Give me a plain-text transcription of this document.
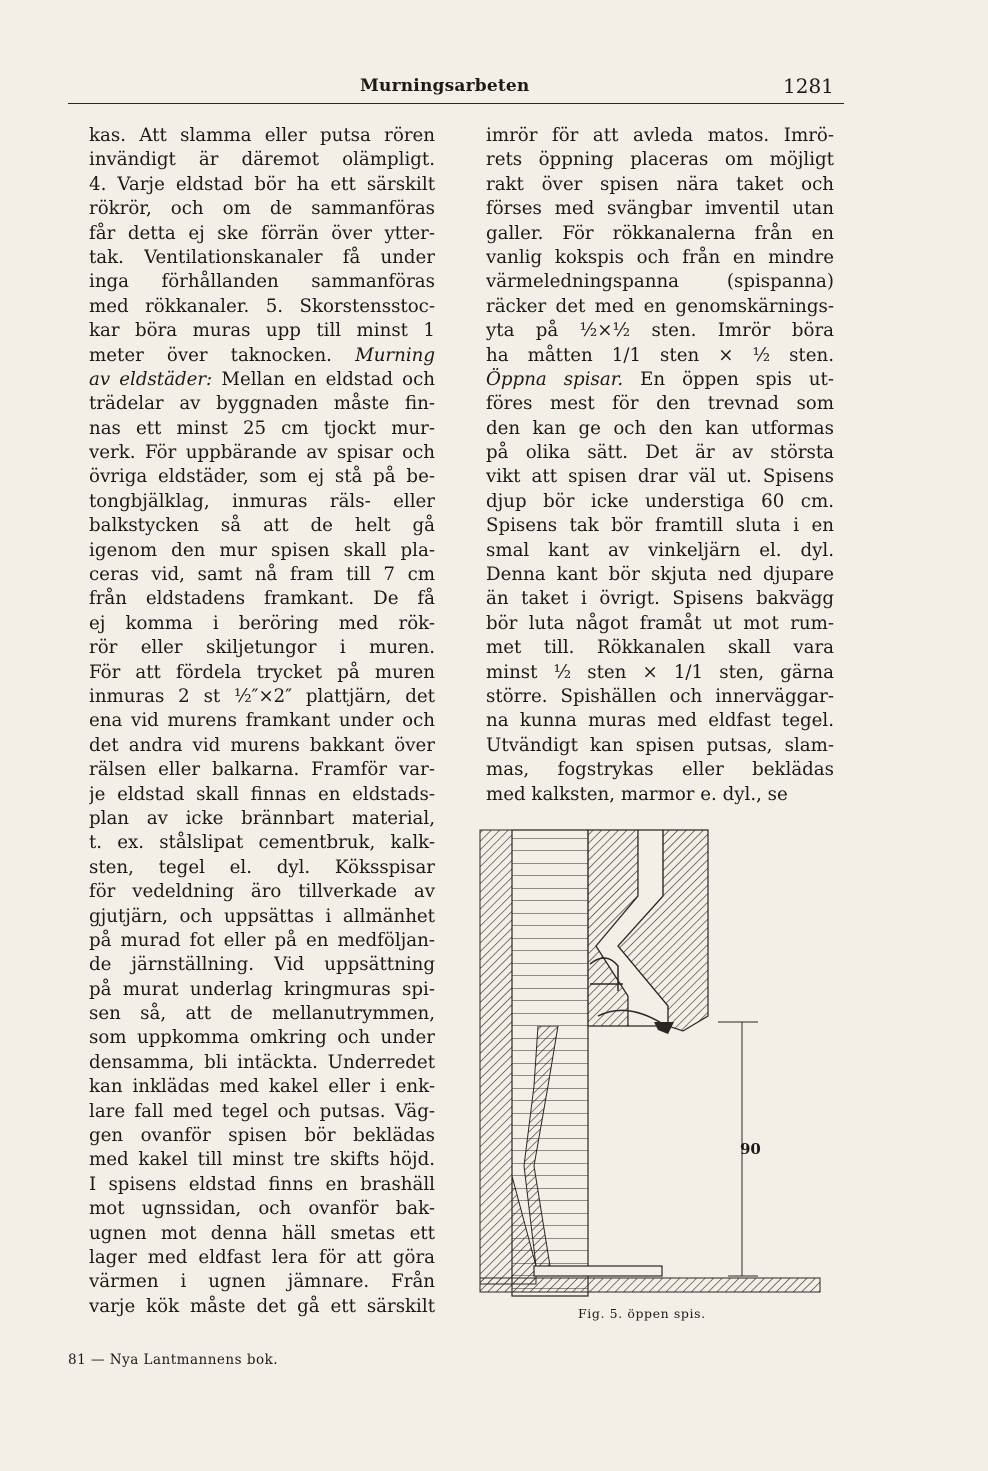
Murningsarbeten	1281
kas. Att slamma eller putsa rören
invändigt är däremot olämpligt.
4. Varje eldstad bör ha ett särskilt
rökrör, och om de sammanföras
får detta ej ske förrän över ytter-
tak. Ventilationskanaler få under
inga förhållanden sammanföras
med rökkanaler. 5. Skorstensstoc-
kar böra muras upp till minst 1
meter över taknocken. Murning
av eldstäder: Mellan en eldstad och
trädelar av byggnaden måste fin-
nas ett minst 25 cm tjockt mur-
verk. För uppbärande av spisar och
övriga eldstäder, som ej stå på be-
tongbjälklag, inmuras räls- eller
balkstycken så att de helt gå
igenom den mur spisen skall pla-
ceras vid, samt nå fram till 7 cm
från eldstadens framkant. De få
ej komma i beröring med rök-
rör eller skiljetungor i muren.
För att fördela trycket på muren
inmuras 2 st ½″×2″ plattjärn, det
ena vid murens framkant under och
det andra vid murens bakkant över
rälsen eller balkarna. Framför var-
je eldstad skall finnas en eldstads-
plan av icke brännbart material,
t. ex. stålslipat cementbruk, kalk-
sten, tegel el. dyl. Köksspisar
för vedeldning äro tillverkade av
gjutjärn, och uppsättas i allmänhet
på murad fot eller på en medföljan-
de järnställning. Vid uppsättning
på murat underlag kringmuras spi-
sen så, att de mellanutrymmen,
som uppkomma omkring och under
densamma, bli intäckta. Underredet
kan inklädas med kakel eller i enk-
lare fall med tegel och putsas. Väg-
gen ovanför spisen bör beklädas
med kakel till minst tre skifts höjd.
I spisens eldstad finns en brashäll
mot ugnssidan, och ovanför bak-
ugnen mot denna häll smetas ett
lager med eldfast lera för att göra
värmen i ugnen jämnare. Från
varje kök måste det gå ett särskilt
imrör för att avleda matos. Imrö-
rets öppning placeras om möjligt
rakt över spisen nära taket och
förses med svängbar imventil utan
galler. För rökkanalerna från en
vanlig kokspis och från en mindre
värmeledningspanna (spispanna)
räcker det med en genomskärnings-
yta på ½×½ sten. Imrör böra
ha måtten 1/1 sten × ½ sten.
Öppna spisar. En öppen spis ut-
föres mest för den trevnad som
den kan ge och den kan utformas
på olika sätt. Det är av största
vikt att spisen drar väl ut. Spisens
djup bör icke understiga 60 cm.
Spisens tak bör framtill sluta i en
smal kant av vinkeljärn el. dyl.
Denna kant bör skjuta ned djupare
än taket i övrigt. Spisens bakvägg
bör luta något framåt ut mot rum-
met till. Rökkanalen skall vara
minst ½ sten × 1/1 sten, gärna
större. Spishällen och innerväggar-
na kunna muras med eldfast tegel.
Utvändigt kan spisen putsas, slam-
mas, fogstrykas eller beklädas
med kalksten, marmor e. dyl., se
90
Fig. 5. öppen spis.
81 — Nya Lantmannens bok.
